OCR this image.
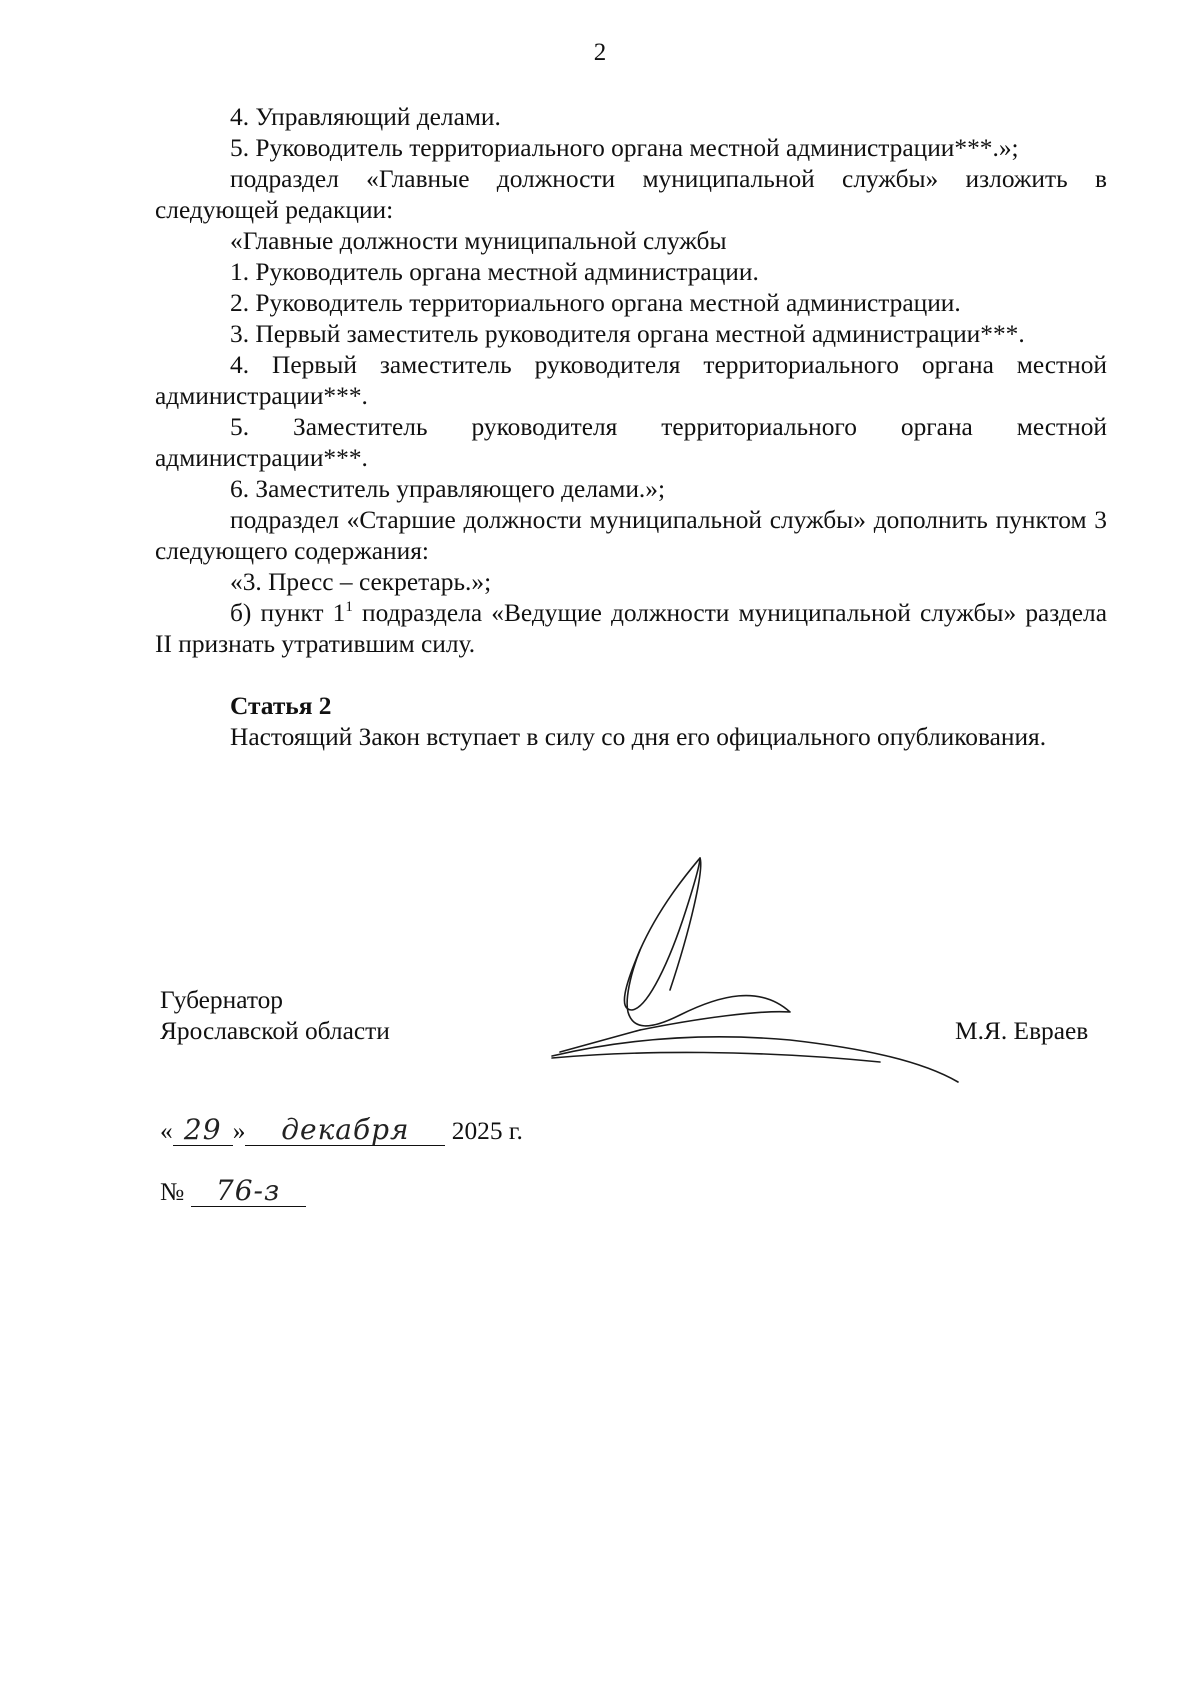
2

4. Управляющий делами.

5. Руководитель территориального органа местной администрации***.»;

подраздел «Главные должности муниципальной службы» изложить в следующей редакции:

«Главные должности муниципальной службы

1. Руководитель органа местной администрации.

2. Руководитель территориального органа местной администрации.

3. Первый заместитель руководителя органа местной администрации***.

4. Первый заместитель руководителя территориального органа местной администрации***.

5. Заместитель руководителя территориального органа местной администрации***.

6. Заместитель управляющего делами.»;

подраздел «Старшие должности муниципальной службы» дополнить пунктом 3 следующего содержания:

«3. Пресс – секретарь.»;

б) пункт $1^1$ подраздела «Ведущие должности муниципальной службы» раздела II признать утратившим силу.

Статья 2

Настоящий Закон вступает в силу со дня его официального опубликования.

Губернатор
Ярославской области	М.Я. Евраев
« 29 » декабря 2025 г.
№ 76-з
